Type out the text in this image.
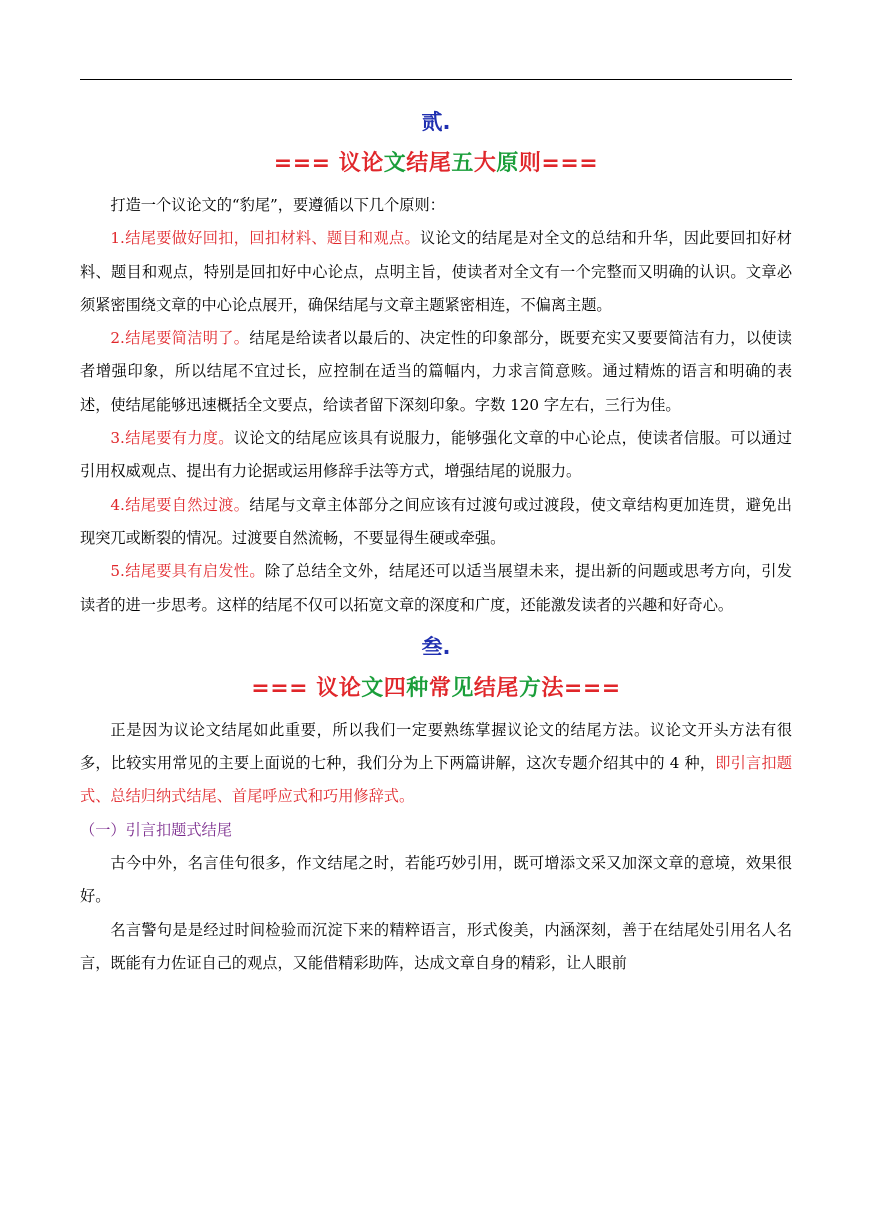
贰.

=== 议论文结尾五大原则===

打造一个议论文的“豹尾”，要遵循以下几个原则：

1.结尾要做好回扣，回扣材料、题目和观点。议论文的结尾是对全文的总结和升华，因此要回扣好材料、题目和观点，特别是回扣好中心论点，点明主旨，使读者对全文有一个完整而又明确的认识。文章必须紧密围绕文章的中心论点展开，确保结尾与文章主题紧密相连，不偏离主题。

2.结尾要简洁明了。结尾是给读者以最后的、决定性的印象部分，既要充实又要要简洁有力，以使读者增强印象，所以结尾不宜过长，应控制在适当的篇幅内，力求言简意赅。通过精炼的语言和明确的表述，使结尾能够迅速概括全文要点，给读者留下深刻印象。字数 120 字左右，三行为佳。

3.结尾要有力度。议论文的结尾应该具有说服力，能够强化文章的中心论点，使读者信服。可以通过引用权威观点、提出有力论据或运用修辞手法等方式，增强结尾的说服力。

4.结尾要自然过渡。结尾与文章主体部分之间应该有过渡句或过渡段，使文章结构更加连贯，避免出现突兀或断裂的情况。过渡要自然流畅，不要显得生硬或牵强。

5.结尾要具有启发性。除了总结全文外，结尾还可以适当展望未来，提出新的问题或思考方向，引发读者的进一步思考。这样的结尾不仅可以拓宽文章的深度和广度，还能激发读者的兴趣和好奇心。

叁.

=== 议论文四种常见结尾方法===

正是因为议论文结尾如此重要，所以我们一定要熟练掌握议论文的结尾方法。议论文开头方法有很多，比较实用常见的主要上面说的七种，我们分为上下两篇讲解，这次专题介绍其中的 4 种，即引言扣题式、总结归纳式结尾、首尾呼应式和巧用修辞式。

（一）引言扣题式结尾

古今中外，名言佳句很多，作文结尾之时，若能巧妙引用，既可增添文采又加深文章的意境，效果很好。

名言警句是是经过时间检验而沉淀下来的精粹语言，形式俊美，内涵深刻，善于在结尾处引用名人名言，既能有力佐证自己的观点，又能借精彩助阵，达成文章自身的精彩，让人眼前
